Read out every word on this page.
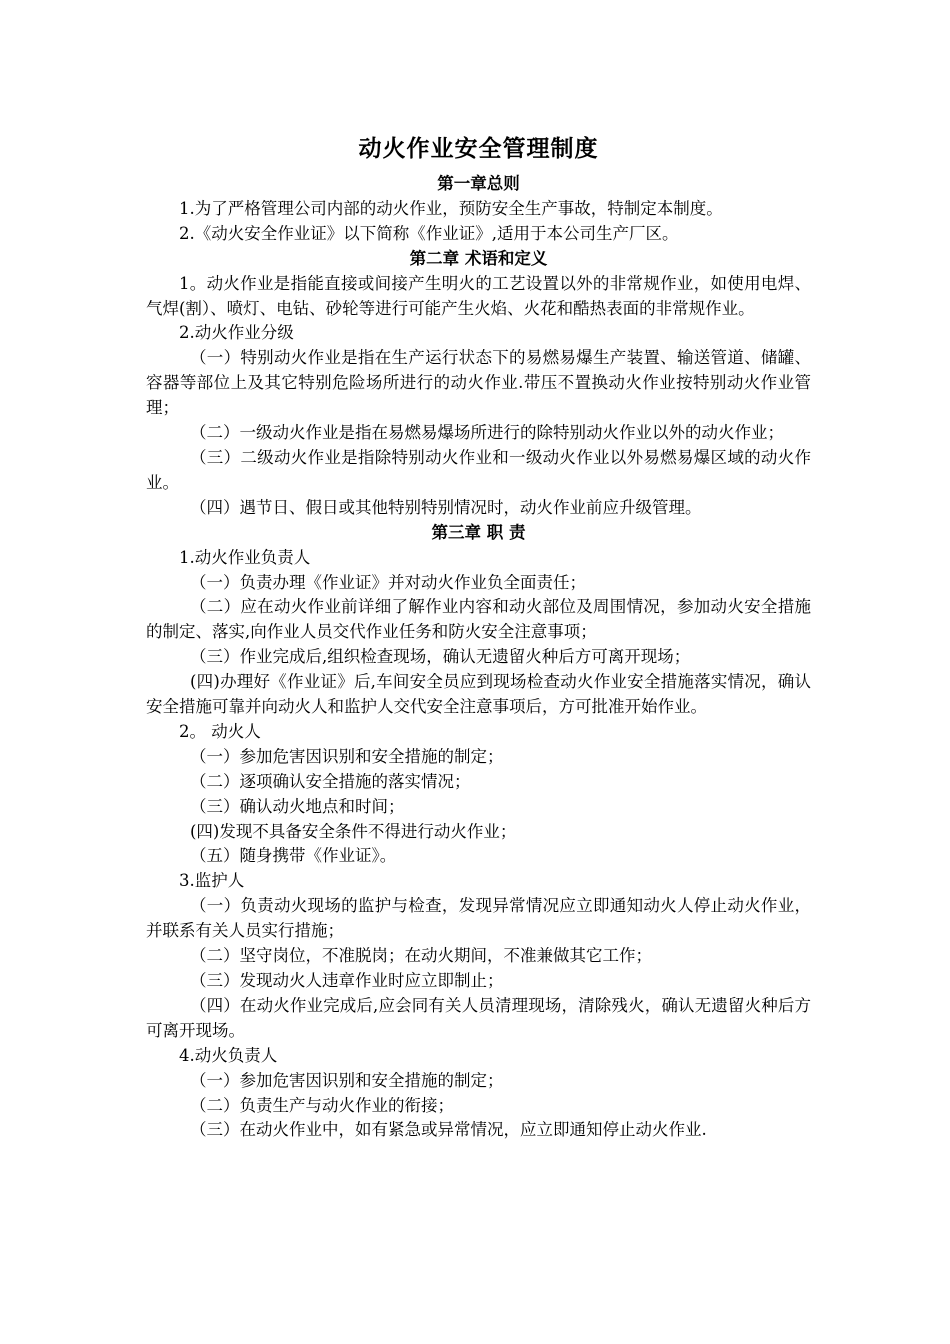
动火作业安全管理制度

第一章总则

1.为了严格管理公司内部的动火作业，预防安全生产事故，特制定本制度。

2.《动火安全作业证》以下简称《作业证》,适用于本公司生产厂区。

第二章 术语和定义

1。动火作业是指能直接或间接产生明火的工艺设置以外的非常规作业，如使用电焊、气焊(割）、喷灯、电钻、砂轮等进行可能产生火焰、火花和酷热表面的非常规作业。

2.动火作业分级

（一）特别动火作业是指在生产运行状态下的易燃易爆生产装置、输送管道、储罐、容器等部位上及其它特别危险场所进行的动火作业.带压不置换动火作业按特别动火作业管理；

（二）一级动火作业是指在易燃易爆场所进行的除特别动火作业以外的动火作业；

（三）二级动火作业是指除特别动火作业和一级动火作业以外易燃易爆区域的动火作业。

（四）遇节日、假日或其他特别特别情况时，动火作业前应升级管理。

第三章 职 责

1.动火作业负责人

（一）负责办理《作业证》并对动火作业负全面责任；

（二）应在动火作业前详细了解作业内容和动火部位及周围情况，参加动火安全措施的制定、落实,向作业人员交代作业任务和防火安全注意事项；

（三）作业完成后,组织检查现场，确认无遗留火种后方可离开现场；

(四)办理好《作业证》后,车间安全员应到现场检查动火作业安全措施落实情况，确认安全措施可靠并向动火人和监护人交代安全注意事项后，方可批准开始作业。

2。 动火人

（一）参加危害因识别和安全措施的制定；

（二）逐项确认安全措施的落实情况；

（三）确认动火地点和时间；

(四)发现不具备安全条件不得进行动火作业；

（五）随身携带《作业证》。

3.监护人

（一）负责动火现场的监护与检查，发现异常情况应立即通知动火人停止动火作业，并联系有关人员实行措施；

（二）坚守岗位，不准脱岗；在动火期间，不准兼做其它工作；

（三）发现动火人违章作业时应立即制止；

（四）在动火作业完成后,应会同有关人员清理现场，清除残火，确认无遗留火种后方可离开现场。

4.动火负责人

（一）参加危害因识别和安全措施的制定；

（二）负责生产与动火作业的衔接；

（三）在动火作业中，如有紧急或异常情况，应立即通知停止动火作业.
